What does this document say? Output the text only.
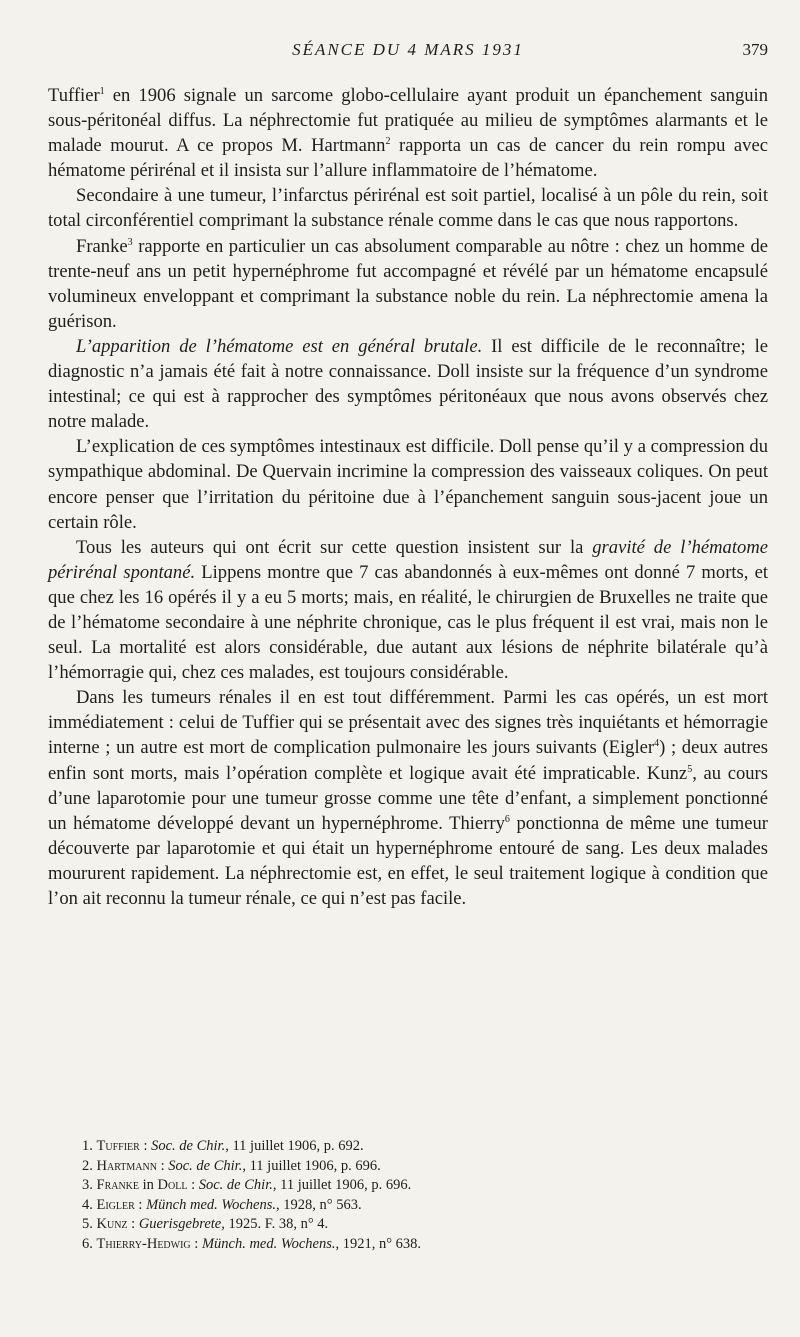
SÉANCE DU 4 MARS 1931	379

Tuffier$^1$ en 1906 signale un sarcome globo-cellulaire ayant produit un épanchement sanguin sous-péritonéal diffus. La néphrectomie fut pratiquée au milieu de symptômes alarmants et le malade mourut. A ce propos M. Hartmann$^2$ rapporta un cas de cancer du rein rompu avec hématome périrénal et il insista sur l’allure inflammatoire de l’hématome.

Secondaire à une tumeur, l’infarctus périrénal est soit partiel, localisé à un pôle du rein, soit total circonférentiel comprimant la substance rénale comme dans le cas que nous rapportons.

Franke$^3$ rapporte en particulier un cas absolument comparable au nôtre : chez un homme de trente-neuf ans un petit hypernéphrome fut accompagné et révélé par un hématome encapsulé volumineux enveloppant et comprimant la substance noble du rein. La néphrectomie amena la guérison.

L’apparition de l’hématome est en général brutale. Il est difficile de le reconnaître; le diagnostic n’a jamais été fait à notre connaissance. Doll insiste sur la fréquence d’un syndrome intestinal; ce qui est à rapprocher des symptômes péritonéaux que nous avons observés chez notre malade.

L’explication de ces symptômes intestinaux est difficile. Doll pense qu’il y a compression du sympathique abdominal. De Quervain incrimine la compression des vaisseaux coliques. On peut encore penser que l’irritation du péritoine due à l’épanchement sanguin sous-jacent joue un certain rôle.

Tous les auteurs qui ont écrit sur cette question insistent sur la gravité de l’hématome périrénal spontané. Lippens montre que 7 cas abandonnés à eux-mêmes ont donné 7 morts, et que chez les 16 opérés il y a eu 5 morts; mais, en réalité, le chirurgien de Bruxelles ne traite que de l’hématome secondaire à une néphrite chronique, cas le plus fréquent il est vrai, mais non le seul. La mortalité est alors considérable, due autant aux lésions de néphrite bilatérale qu’à l’hémorragie qui, chez ces malades, est toujours considérable.

Dans les tumeurs rénales il en est tout différemment. Parmi les cas opérés, un est mort immédiatement : celui de Tuffier qui se présentait avec des signes très inquiétants et hémorragie interne ; un autre est mort de complication pulmonaire les jours suivants (Eigler$^4$) ; deux autres enfin sont morts, mais l’opération complète et logique avait été impraticable. Kunz$^5$, au cours d’une laparotomie pour une tumeur grosse comme une tête d’enfant, a simplement ponctionné un hématome développé devant un hypernéphrome. Thierry$^6$ ponctionna de même une tumeur découverte par laparotomie et qui était un hypernéphrome entouré de sang. Les deux malades moururent rapidement. La néphrectomie est, en effet, le seul traitement logique à condition que l’on ait reconnu la tumeur rénale, ce qui n’est pas facile.

1. Tuffier : Soc. de Chir., 11 juillet 1906, p. 692.
2. Hartmann : Soc. de Chir., 11 juillet 1906, p. 696.
3. Franke in Doll : Soc. de Chir., 11 juillet 1906, p. 696.
4. Eigler : Münch med. Wochens., 1928, n° 563.
5. Kunz : Guerisgebrete, 1925. F. 38, n° 4.
6. Thierry-Hedwig : Münch. med. Wochens., 1921, n° 638.
